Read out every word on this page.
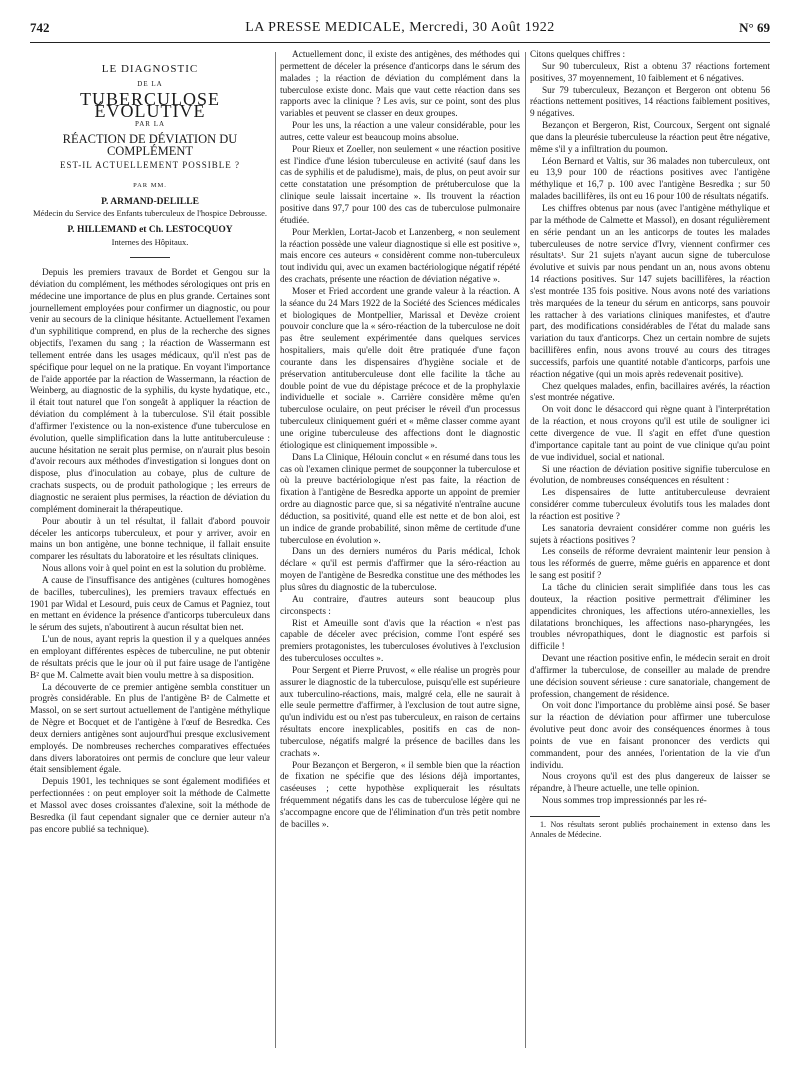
742	LA PRESSE MEDICALE, Mercredi, 30 Août 1922	N° 69
LE DIAGNOSTIC
DE LA
TUBERCULOSE ÉVOLUTIVE
PAR LA
RÉACTION DE DÉVIATION DU COMPLÉMENT
EST-IL ACTUELLEMENT POSSIBLE ?
PAR MM.
P. ARMAND-DELILLE
Médecin du Service des Enfants tuberculeux de l'hospice Debrousse.
P. HILLEMAND et Ch. LESTOCQUOY
Internes des Hôpitaux.

Depuis les premiers travaux de Bordet et Gengou sur la déviation du complément, les méthodes sérologiques ont pris en médecine une importance de plus en plus grande. Certaines sont journellement employées pour confirmer un diagnostic, ou pour venir au secours de la clinique hésitante. Actuellement l'examen d'un syphilitique comprend, en plus de la recherche des signes objectifs, l'examen du sang ; la réaction de Wassermann est tellement entrée dans les usages médicaux, qu'il n'est pas de spécifique pour lequel on ne la pratique. En voyant l'importance de l'aide apportée par la réaction de Wassermann, la réaction de Weinberg, au diagnostic de la syphilis, du kyste hydatique, etc., il était tout naturel que l'on songeât à appliquer la réaction de déviation du complément à la tuberculose. S'il était possible d'affirmer l'existence ou la non-existence d'une tuberculose en évolution, quelle simplification dans la lutte antituberculeuse : aucune hésitation ne serait plus permise, on n'aurait plus besoin d'avoir recours aux méthodes d'investigation si longues dont on dispose, plus d'inoculation au cobaye, plus de culture de crachats suspects, ou de produit pathologique ; les erreurs de diagnostic ne seraient plus permises, la réaction de déviation du complément dominerait la thérapeutique.

Pour aboutir à un tel résultat, il fallait d'abord pouvoir déceler les anticorps tuberculeux, et pour y arriver, avoir en mains un bon antigène, une bonne technique, il fallait ensuite comparer les résultats du laboratoire et les résultats cliniques.

Nous allons voir à quel point en est la solution du problème.

A cause de l'insuffisance des antigènes (cultures homogènes de bacilles, tuberculines), les premiers travaux effectués en 1901 par Widal et Lesourd, puis ceux de Camus et Pagniez, tout en mettant en évidence la présence d'anticorps tuberculeux dans le sérum des sujets, n'aboutirent à aucun résultat bien net.

L'un de nous, ayant repris la question il y a quelques années en employant différentes espèces de tuberculine, ne put obtenir de résultats précis que le jour où il put faire usage de l'antigène B² que M. Calmette avait bien voulu mettre à sa disposition.

La découverte de ce premier antigène sembla constituer un progrès considérable. En plus de l'antigène B² de Calmette et Massol, on se sert surtout actuellement de l'antigène méthylique de Nègre et Bocquet et de l'antigène à l'œuf de Besredka. Ces deux derniers antigènes sont aujourd'hui presque exclusivement employés. De nombreuses recherches comparatives effectuées dans divers laboratoires ont permis de conclure que leur valeur était sensiblement égale.

Depuis 1901, les techniques se sont également modifiées et perfectionnées : on peut employer soit la méthode de Calmette et Massol avec doses croissantes d'alexine, soit la méthode de Besredka (il faut cependant signaler que ce dernier auteur n'a pas encore publié sa technique).

Actuellement donc, il existe des antigènes, des méthodes qui permettent de déceler la présence d'anticorps dans le sérum des malades ; la réaction de déviation du complément dans la tuberculose existe donc. Mais que vaut cette réaction dans ses rapports avec la clinique ? Les avis, sur ce point, sont des plus variables et peuvent se classer en deux groupes.

Pour les uns, la réaction a une valeur considérable, pour les autres, cette valeur est beaucoup moins absolue.

Pour Rieux et Zoeller, non seulement « une réaction positive est l'indice d'une lésion tuberculeuse en activité (sauf dans les cas de syphilis et de paludisme), mais, de plus, on peut avoir sur cette constatation une présomption de prétuberculose que la clinique seule laissait incertaine ». Ils trouvent la réaction positive dans 97,7 pour 100 des cas de tuberculose pulmonaire étudiée.

Pour Merklen, Lortat-Jacob et Lanzenberg, « non seulement la réaction possède une valeur diagnostique si elle est positive », mais encore ces auteurs « considèrent comme non-tuberculeux tout individu qui, avec un examen bactériologique négatif répété des crachats, présente une réaction de déviation négative ».

Moser et Fried accordent une grande valeur à la réaction. A la séance du 24 Mars 1922 de la Société des Sciences médicales et biologiques de Montpellier, Marissal et Devèze croient pouvoir conclure que la « séro-réaction de la tuberculose ne doit pas être seulement expérimentée dans quelques services hospitaliers, mais qu'elle doit être pratiquée d'une façon courante dans les dispensaires d'hygiène sociale et de préservation antituberculeuse dont elle facilite la tâche au double point de vue du dépistage précoce et de la prophylaxie individuelle et sociale ». Carrière considère même qu'en tuberculose oculaire, on peut préciser le réveil d'un processus tuberculeux cliniquement guéri et « même classer comme ayant une origine tuberculeuse des affections dont le diagnostic étiologique est cliniquement impossible ».

Dans La Clinique, Hélouin conclut « en résumé dans tous les cas où l'examen clinique permet de soupçonner la tuberculose et où la preuve bactériologique n'est pas faite, la réaction de fixation à l'antigène de Besredka apporte un appoint de premier ordre au diagnostic parce que, si sa négativité n'entraîne aucune déduction, sa positivité, quand elle est nette et de bon aloi, est un indice de grande probabilité, sinon même de certitude d'une tuberculose en évolution ».

Dans un des derniers numéros du Paris médical, Ichok déclare « qu'il est permis d'affirmer que la séro-réaction au moyen de l'antigène de Besredka constitue une des méthodes les plus sûres du diagnostic de la tuberculose.

Au contraire, d'autres auteurs sont beaucoup plus circonspects :

Rist et Ameuille sont d'avis que la réaction « n'est pas capable de déceler avec précision, comme l'ont espéré ses premiers protagonistes, les tuberculoses évolutives à l'exclusion des tuberculoses occultes ».

Pour Sergent et Pierre Pruvost, « elle réalise un progrès pour assurer le diagnostic de la tuberculose, puisqu'elle est supérieure aux tuberculino-réactions, mais, malgré cela, elle ne saurait à elle seule permettre d'affirmer, à l'exclusion de tout autre signe, qu'un individu est ou n'est pas tuberculeux, en raison de certains résultats encore inexplicables, positifs en cas de non-tuberculose, négatifs malgré la présence de bacilles dans les crachats ».

Pour Bezançon et Bergeron, « il semble bien que la réaction de fixation ne spécifie que des lésions déjà importantes, caséeuses ; cette hypothèse expliquerait les résultats fréquemment négatifs dans les cas de tuberculose légère qui ne s'accompagne encore que de l'élimination d'un très petit nombre de bacilles ».

Citons quelques chiffres :

Sur 90 tuberculeux, Rist a obtenu 37 réactions fortement positives, 37 moyennement, 10 faiblement et 6 négatives.

Sur 79 tuberculeux, Bezançon et Bergeron ont obtenu 56 réactions nettement positives, 14 réactions faiblement positives, 9 négatives.

Bezançon et Bergeron, Rist, Courcoux, Sergent ont signalé que dans la pleurésie tuberculeuse la réaction peut être négative, même s'il y a infiltration du poumon.

Léon Bernard et Valtis, sur 36 malades non tuberculeux, ont eu 13,9 pour 100 de réactions positives avec l'antigène méthylique et 16,7 p. 100 avec l'antigène Besredka ; sur 50 malades bacillifères, ils ont eu 16 pour 100 de résultats négatifs.

Les chiffres obtenus par nous (avec l'antigène méthylique et par la méthode de Calmette et Massol), en dosant régulièrement en série pendant un an les anticorps de toutes les malades tuberculeuses de notre service d'Ivry, viennent confirmer ces résultats¹. Sur 21 sujets n'ayant aucun signe de tuberculose évolutive et suivis par nous pendant un an, nous avons obtenu 14 réactions positives. Sur 147 sujets bacillifères, la réaction s'est montrée 135 fois positive. Nous avons noté des variations très marquées de la teneur du sérum en anticorps, sans pouvoir les rattacher à des variations cliniques manifestes, et d'autre part, des modifications considérables de l'état du malade sans variation du taux d'anticorps. Chez un certain nombre de sujets bacillifères enfin, nous avons trouvé au cours des titrages successifs, parfois une quantité notable d'anticorps, parfois une réaction négative (qui un mois après redevenait positive).

Chez quelques malades, enfin, bacillaires avérés, la réaction s'est montrée négative.

On voit donc le désaccord qui règne quant à l'interprétation de la réaction, et nous croyons qu'il est utile de souligner ici cette divergence de vue. Il s'agit en effet d'une question d'importance capitale tant au point de vue clinique qu'au point de vue individuel, social et national.

Si une réaction de déviation positive signifie tuberculose en évolution, de nombreuses conséquences en résultent :

Les dispensaires de lutte antituberculeuse devraient considérer comme tuberculeux évolutifs tous les malades dont la réaction est positive ?

Les sanatoria devraient considérer comme non guéris les sujets à réactions positives ?

Les conseils de réforme devraient maintenir leur pension à tous les réformés de guerre, même guéris en apparence et dont le sang est positif ?

La tâche du clinicien serait simplifiée dans tous les cas douteux, la réaction positive permettrait d'éliminer les appendicites chroniques, les affections utéro-annexielles, les dilatations bronchiques, les affections naso-pharyngées, les troubles névropathiques, dont le diagnostic est parfois si difficile !

Devant une réaction positive enfin, le médecin serait en droit d'affirmer la tuberculose, de conseiller au malade de prendre une décision souvent sérieuse : cure sanatoriale, changement de profession, changement de résidence.

On voit donc l'importance du problème ainsi posé. Se baser sur la réaction de déviation pour affirmer une tuberculose évolutive peut donc avoir des conséquences énormes à tous points de vue en faisant prononcer des verdicts qui commandent, pour des années, l'orientation de la vie d'un individu.

Nous croyons qu'il est des plus dangereux de laisser se répandre, à l'heure actuelle, une telle opinion.

Nous sommes trop impressionnés par les ré-

1. Nos résultats seront publiés prochainement in extenso dans les Annales de Médecine.
